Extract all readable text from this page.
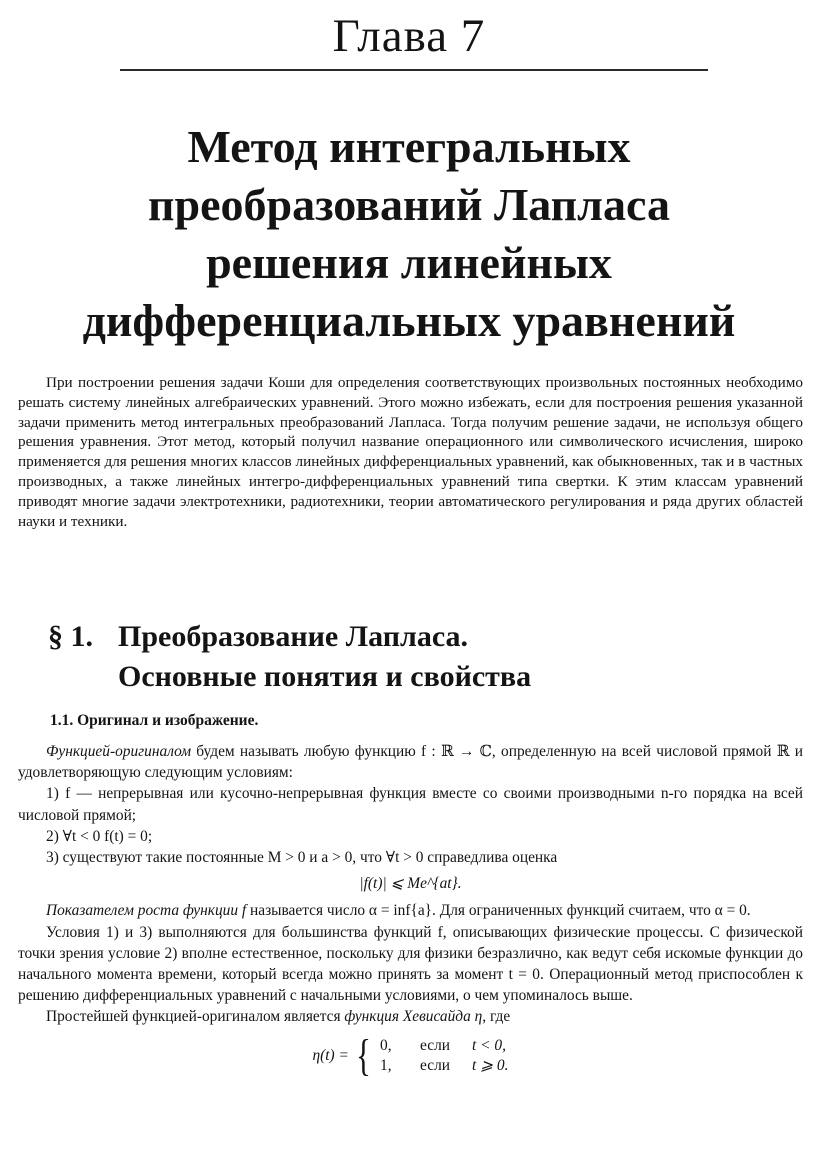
Глава 7
Метод интегральных
преобразований Лапласа
решения линейных
дифференциальных уравнений

При построении решения задачи Коши для определения соответствующих произвольных постоянных необходимо решать систему линейных алгебраических уравнений. Этого можно избежать, если для построения решения указанной задачи применить метод интегральных преобразований Лапласа. Тогда получим решение задачи, не используя общего решения уравнения. Этот метод, который получил название операционного или символического исчисления, широко применяется для решения многих классов линейных дифференциальных уравнений, как обыкновенных, так и в частных производных, а также линейных интегро-дифференциальных уравнений типа свертки. К этим классам уравнений приводят многие задачи электротехники, радиотехники, теории автоматического регулирования и ряда других областей науки и техники.

§ 1. Преобразование Лапласа.
Основные понятия и свойства
1.1. Оригинал и изображение.

Функцией-оригиналом будем называть любую функцию f : ℝ → ℂ, определенную на всей числовой прямой ℝ и удовлетворяющую следующим условиям:

1) f — непрерывная или кусочно-непрерывная функция вместе со своими производными n-го порядка на всей числовой прямой;

2) ∀t < 0 f(t) = 0;

3) существуют такие постоянные M > 0 и a > 0, что ∀t > 0 справедлива оценка

|f(t)| ⩽ Me^{at}.

Показателем роста функции f называется число α = inf{a}. Для ограниченных функций считаем, что α = 0.

Условия 1) и 3) выполняются для большинства функций f, описывающих физические процессы. С физической точки зрения условие 2) вполне естественное, поскольку для физики безразлично, как ведут себя искомые функции до начального момента времени, который всегда можно принять за момент t = 0. Операционный метод приспособлен к решению дифференциальных уравнений с начальными условиями, о чем упоминалось выше.

Простейшей функцией-оригиналом является функция Хевисайда η, где

η(t) = { 0, если t < 0,
1, если t ⩾ 0.
